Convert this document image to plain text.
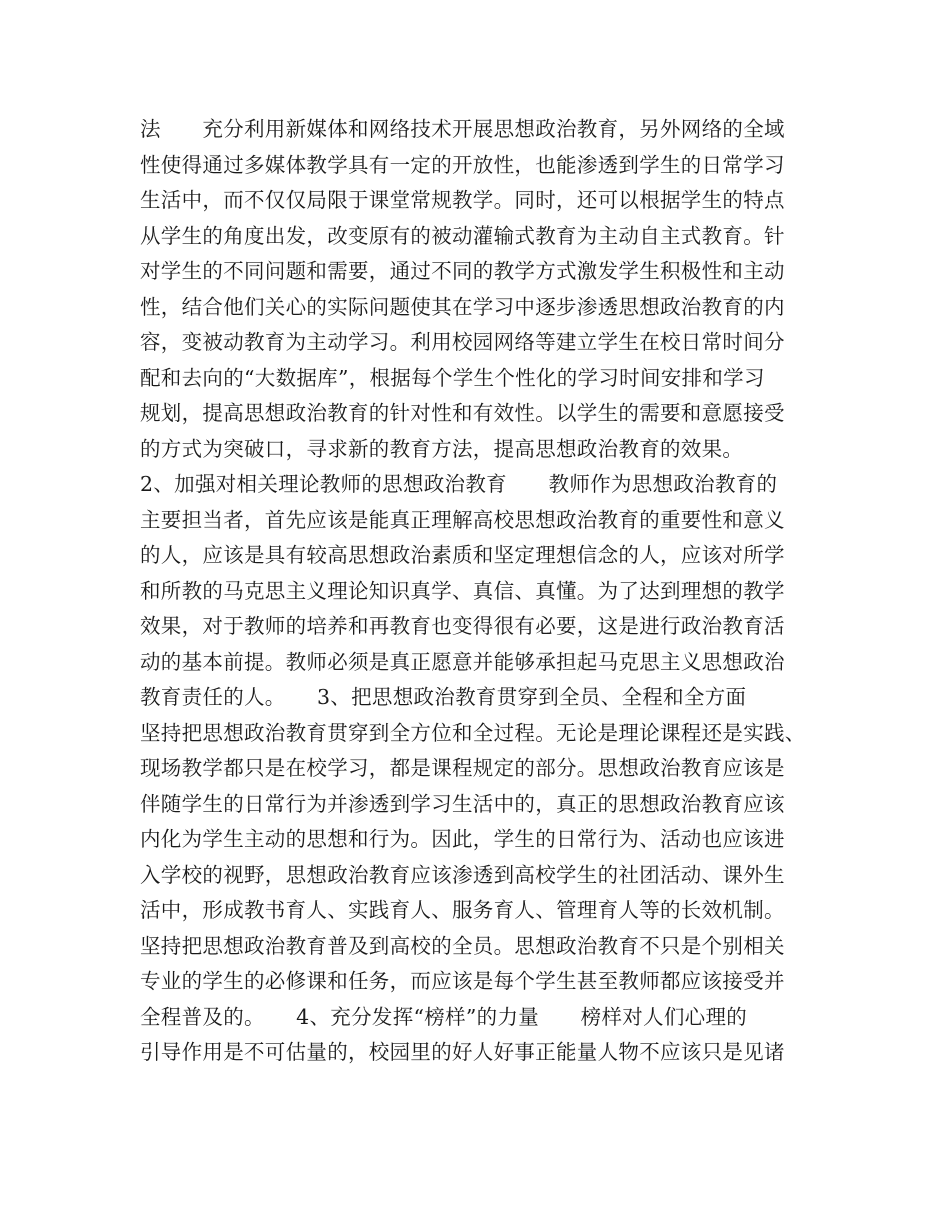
法　　充分利用新媒体和网络技术开展思想政治教育，另外网络的全域
性使得通过多媒体教学具有一定的开放性，也能渗透到学生的日常学习
生活中，而不仅仅局限于课堂常规教学。同时，还可以根据学生的特点
从学生的角度出发，改变原有的被动灌输式教育为主动自主式教育。针
对学生的不同问题和需要，通过不同的教学方式激发学生积极性和主动
性，结合他们关心的实际问题使其在学习中逐步渗透思想政治教育的内
容，变被动教育为主动学习。利用校园网络等建立学生在校日常时间分
配和去向的“大数据库”，根据每个学生个性化的学习时间安排和学习
规划，提高思想政治教育的针对性和有效性。以学生的需要和意愿接受
的方式为突破口，寻求新的教育方法，提高思想政治教育的效果。
2、加强对相关理论教师的思想政治教育　　教师作为思想政治教育的
主要担当者，首先应该是能真正理解高校思想政治教育的重要性和意义
的人，应该是具有较高思想政治素质和坚定理想信念的人，应该对所学
和所教的马克思主义理论知识真学、真信、真懂。为了达到理想的教学
效果，对于教师的培养和再教育也变得很有必要，这是进行政治教育活
动的基本前提。教师必须是真正愿意并能够承担起马克思主义思想政治
教育责任的人。　　3、把思想政治教育贯穿到全员、全程和全方面
坚持把思想政治教育贯穿到全方位和全过程。无论是理论课程还是实践、
现场教学都只是在校学习，都是课程规定的部分。思想政治教育应该是
伴随学生的日常行为并渗透到学习生活中的，真正的思想政治教育应该
内化为学生主动的思想和行为。因此，学生的日常行为、活动也应该进
入学校的视野，思想政治教育应该渗透到高校学生的社团活动、课外生
活中，形成教书育人、实践育人、服务育人、管理育人等的长效机制。
坚持把思想政治教育普及到高校的全员。思想政治教育不只是个别相关
专业的学生的必修课和任务，而应该是每个学生甚至教师都应该接受并
全程普及的。　　4、充分发挥“榜样”的力量　　榜样对人们心理的
引导作用是不可估量的，校园里的好人好事正能量人物不应该只是见诸
